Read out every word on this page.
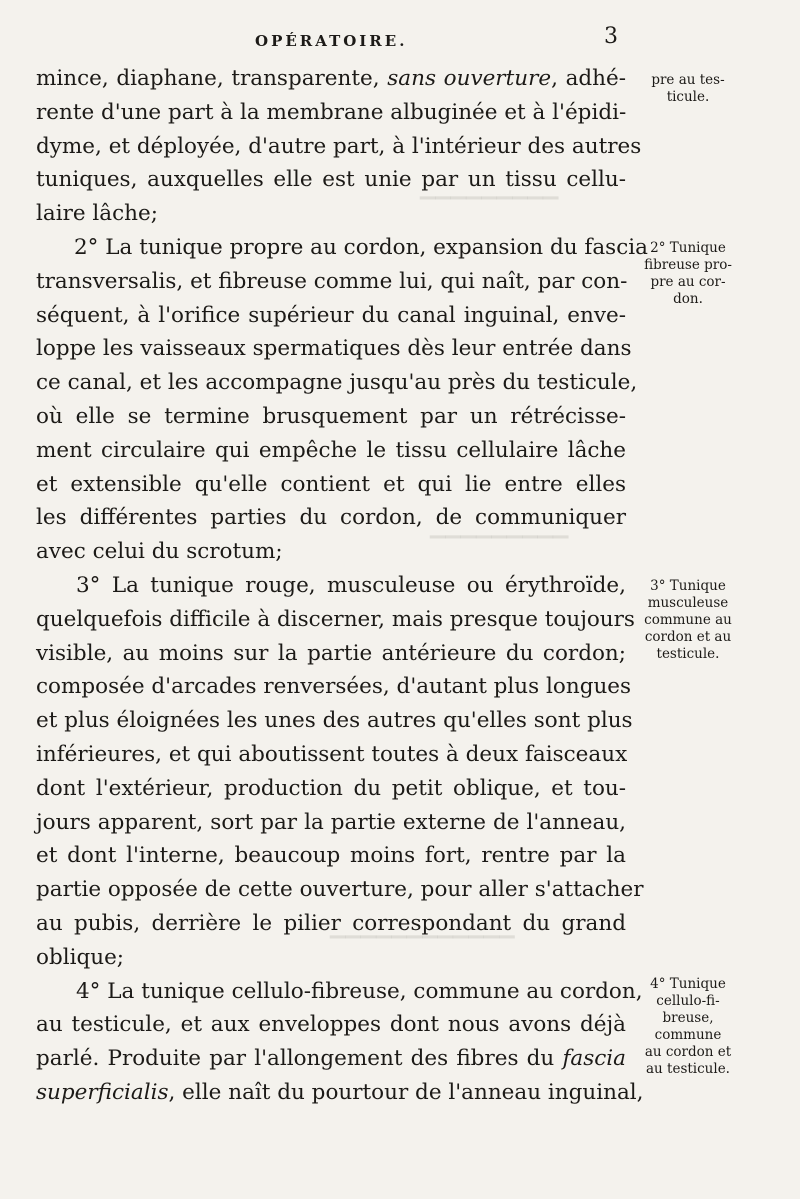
OPÉRATOIRE.	3
▔▔▔▔▔▔▔▔▔
▔▔▔▔▔▔▔▔▔
▔▔▔▔▔▔▔▔▔▔▔▔
mince, diaphane, transparente, sans ouverture, adhé-
rente d'une part à la membrane albuginée et à l'épidi-
dyme, et déployée, d'autre part, à l'intérieur des autres
tuniques, auxquelles elle est unie par un tissu cellu-
laire lâche;
2° La tunique propre au cordon, expansion du fascia
transversalis, et fibreuse comme lui, qui naît, par con-
séquent, à l'orifice supérieur du canal inguinal, enve-
loppe les vaisseaux spermatiques dès leur entrée dans
ce canal, et les accompagne jusqu'au près du testicule,
où elle se termine brusquement par un rétrécisse-
ment circulaire qui empêche le tissu cellulaire lâche
et extensible qu'elle contient et qui lie entre elles
les différentes parties du cordon, de communiquer
avec celui du scrotum;
3° La tunique rouge, musculeuse ou érythroïde,
quelquefois difficile à discerner, mais presque toujours
visible, au moins sur la partie antérieure du cordon;
composée d'arcades renversées, d'autant plus longues
et plus éloignées les unes des autres qu'elles sont plus
inférieures, et qui aboutissent toutes à deux faisceaux
dont l'extérieur, production du petit oblique, et tou-
jours apparent, sort par la partie externe de l'anneau,
et dont l'interne, beaucoup moins fort, rentre par la
partie opposée de cette ouverture, pour aller s'attacher
au pubis, derrière le pilier correspondant du grand
oblique;
4° La tunique cellulo-fibreuse, commune au cordon,
au testicule, et aux enveloppes dont nous avons déjà
parlé. Produite par l'allongement des fibres du fascia
superficialis, elle naît du pourtour de l'anneau inguinal,
pre au tes-
ticule.
2° Tunique
fibreuse pro-
pre au cor-
don.
3° Tunique
musculeuse
commune au
cordon et au
testicule.
4° Tunique
cellulo-fi-
breuse,
commune
au cordon et
au testicule.
